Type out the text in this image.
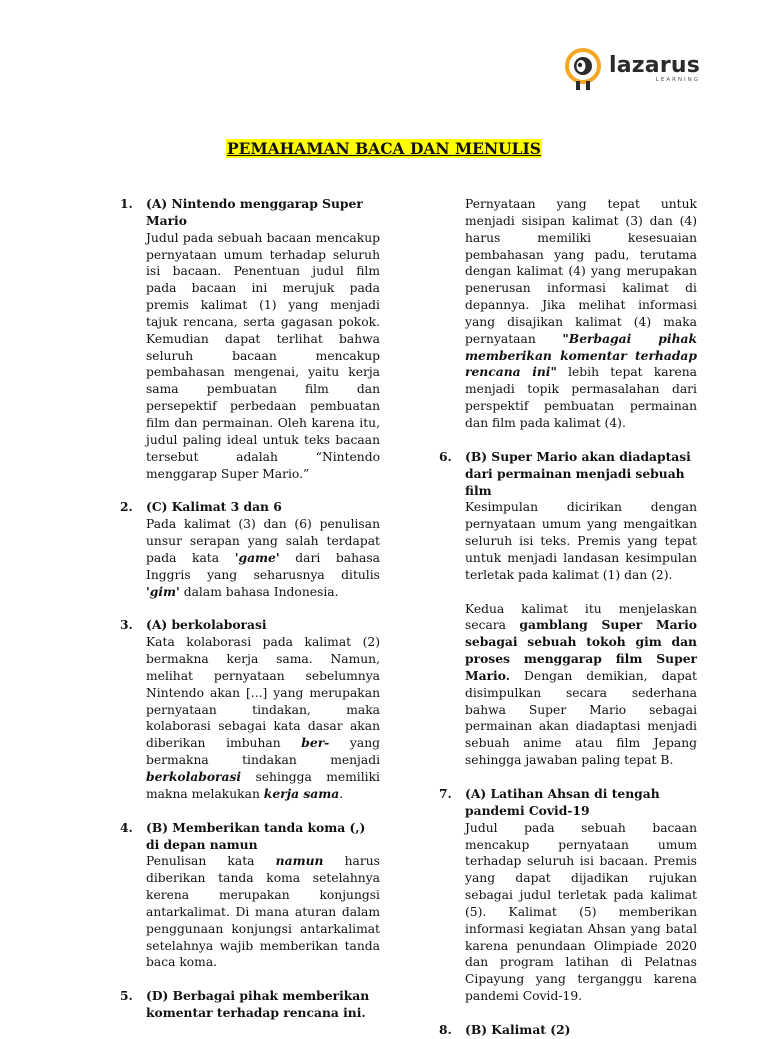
lazarus
LEARNING
PEMAHAMAN BACA DAN MENULIS
1. (A) Nintendo menggarap Super Mario
Judul pada sebuah bacaan mencakup pernyataan umum terhadap seluruh isi bacaan. Penentuan judul film pada bacaan ini merujuk pada premis kalimat (1) yang menjadi tajuk rencana, serta gagasan pokok. Kemudian dapat terlihat bahwa seluruh bacaan mencakup pembahasan mengenai, yaitu kerja sama pembuatan film dan persepektif perbedaan pembuatan film dan permainan. Oleh karena itu, judul paling ideal untuk teks bacaan tersebut adalah “Nintendo menggarap Super Mario.”
2. (C) Kalimat 3 dan 6
Pada kalimat (3) dan (6) penulisan unsur serapan yang salah terdapat pada kata 'game' dari bahasa Inggris yang seharusnya ditulis 'gim' dalam bahasa Indonesia.
3. (A) berkolaborasi
Kata kolaborasi pada kalimat (2) bermakna kerja sama. Namun, melihat pernyataan sebelumnya Nintendo akan [...] yang merupakan pernyataan tindakan, maka kolaborasi sebagai kata dasar akan diberikan imbuhan ber- yang bermakna tindakan menjadi berkolaborasi sehingga memiliki makna melakukan kerja sama.
4. (B) Memberikan tanda koma (,) di depan namun
Penulisan kata namun harus diberikan tanda koma setelahnya kerena merupakan konjungsi antarkalimat. Di mana aturan dalam penggunaan konjungsi antarkalimat setelahnya wajib memberikan tanda baca koma.
5. (D) Berbagai pihak memberikan komentar terhadap rencana ini.
Pernyataan yang tepat untuk menjadi sisipan kalimat (3) dan (4) harus memiliki kesesuaian pembahasan yang padu, terutama dengan kalimat (4) yang merupakan penerusan informasi kalimat di depannya. Jika melihat informasi yang disajikan kalimat (4) maka pernyataan "Berbagai pihak memberikan komentar terhadap rencana ini" lebih tepat karena menjadi topik permasalahan dari perspektif pembuatan permainan dan film pada kalimat (4).
6. (B) Super Mario akan diadaptasi dari permainan menjadi sebuah film
Kesimpulan dicirikan dengan pernyataan umum yang mengaitkan seluruh isi teks. Premis yang tepat untuk menjadi landasan kesimpulan terletak pada kalimat (1) dan (2).
Kedua kalimat itu menjelaskan secara gamblang Super Mario sebagai sebuah tokoh gim dan proses menggarap film Super Mario. Dengan demikian, dapat disimpulkan secara sederhana bahwa Super Mario sebagai permainan akan diadaptasi menjadi sebuah anime atau film Jepang sehingga jawaban paling tepat B.
7. (A) Latihan Ahsan di tengah pandemi Covid-19
Judul pada sebuah bacaan mencakup pernyataan umum terhadap seluruh isi bacaan. Premis yang dapat dijadikan rujukan sebagai judul terletak pada kalimat (5). Kalimat (5) memberikan informasi kegiatan Ahsan yang batal karena penundaan Olimpiade 2020 dan program latihan di Pelatnas Cipayung yang terganggu karena pandemi Covid-19.
8. (B) Kalimat (2)
